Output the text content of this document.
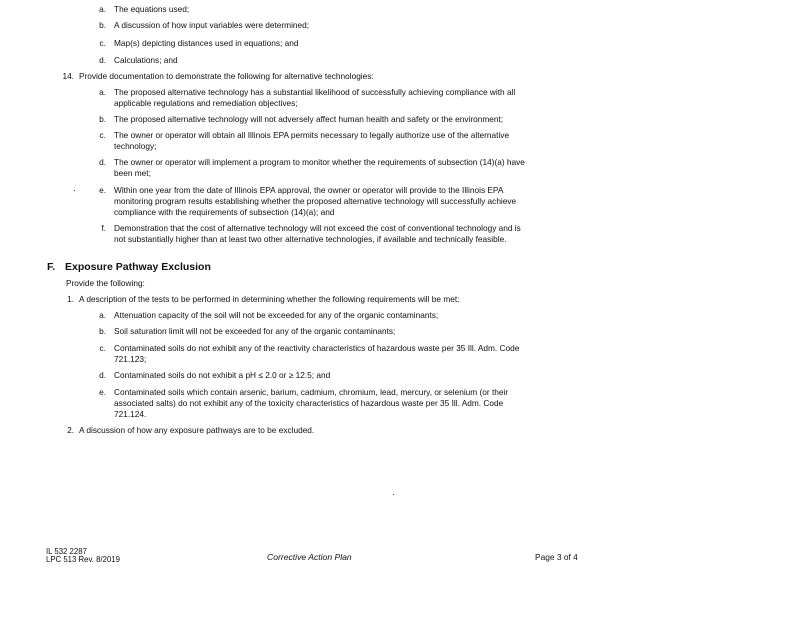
a. The equations used;
b. A discussion of how input variables were determined;
c. Map(s) depicting distances used in equations; and
d. Calculations; and
14. Provide documentation to demonstrate the following for alternative technologies:
a. The proposed alternative technology has a substantial likelihood of successfully achieving compliance with all
applicable regulations and remediation objectives;
b. The proposed alternative technology will not adversely affect human health and safety or the environment;
c. The owner or operator will obtain all Illinois EPA permits necessary to legally authorize use of the alternative
technology;
d. The owner or operator will implement a program to monitor whether the requirements of subsection (14)(a) have
been met;
e. Within one year from the date of Illinois EPA approval, the owner or operator will provide to the Illinois EPA
monitoring program results establishing whether the proposed alternative technology will successfully achieve
compliance with the requirements of subsection (14)(a); and
f. Demonstration that the cost of alternative technology will not exceed the cost of conventional technology and is
not substantially higher than at least two other alternative technologies, if available and technically feasible.
F. Exposure Pathway Exclusion
Provide the following:
1. A description of the tests to be performed in determining whether the following requirements will be met:
a. Attenuation capacity of the soil will not be exceeded for any of the organic contaminants;
b. Soil saturation limit will not be exceeded for any of the organic contaminants;
c. Contaminated soils do not exhibit any of the reactivity characteristics of hazardous waste per 35 Ill. Adm. Code
721.123;
d. Contaminated soils do not exhibit a pH ≤ 2.0 or ≥ 12.5; and
e. Contaminated soils which contain arsenic, barium, cadmium, chromium, lead, mercury, or selenium (or their
associated salts) do not exhibit any of the toxicity characteristics of hazardous waste per 35 Ill. Adm. Code
721.124.
2. A discussion of how any exposure pathways are to be excluded.
IL 532 2287
LPC 513 Rev. 8/2019	Corrective Action Plan	Page 3 of 4
